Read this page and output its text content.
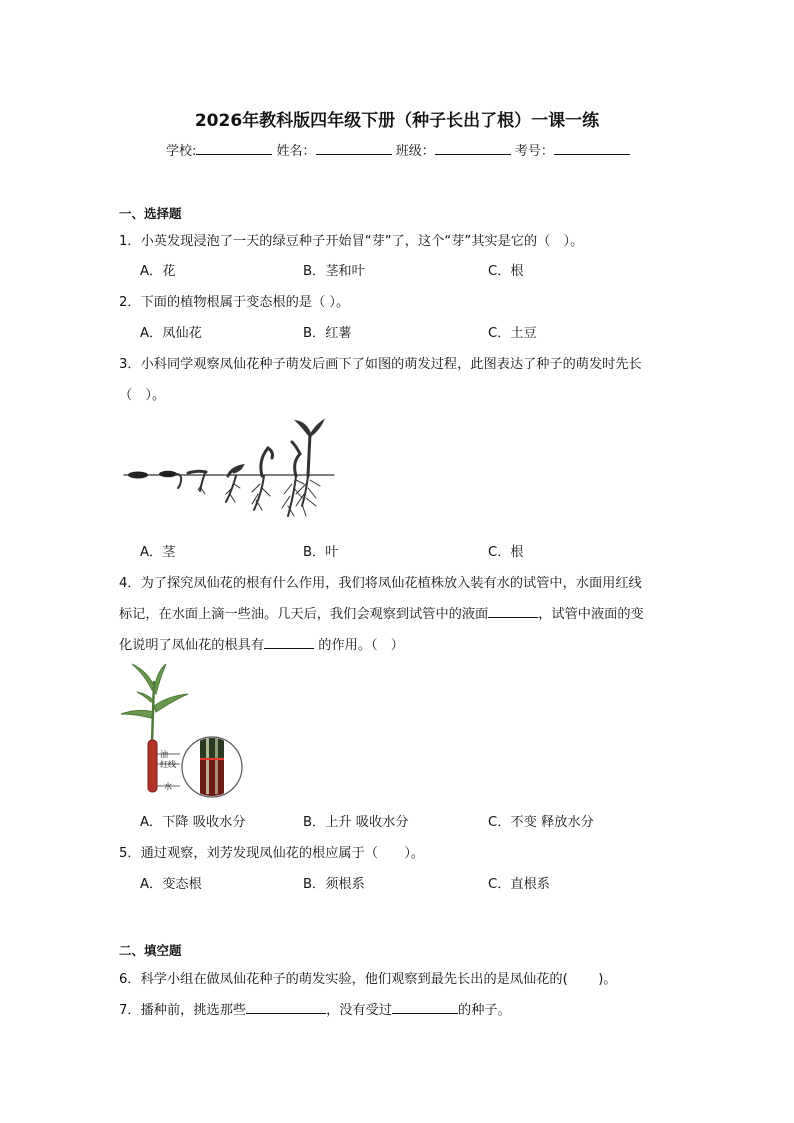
2026年教科版四年级下册（种子长出了根）一课一练
学校:	姓名：	班级：	考号：
一、选择题
1．小英发现浸泡了一天的绿豆种子开始冒“芽”了，这个“芽”其实是它的（　）。
A．花	B．茎和叶	C．根
2．下面的植物根属于变态根的是（ ）。
A．凤仙花	B．红薯	C．土豆
3．小科同学观察凤仙花种子萌发后画下了如图的萌发过程，此图表达了种子的萌发时先长
（　）。
A．茎	B．叶	C．根
4．为了探究凤仙花的根有什么作用，我们将凤仙花植株放入装有水的试管中，水面用红线
标记，在水面上滴一些油。几天后，我们会观察到试管中的液面	，试管中液面的变
化说明了凤仙花的根具有	的作用。（　）
油
红线
水
A．下降 吸收水分	B．上升 吸收水分	C．不变 释放水分
5．通过观察，刘芳发现凤仙花的根应属于（　　）。
A．变态根	B．须根系	C．直根系
二、填空题
6．科学小组在做凤仙花种子的萌发实验，他们观察到最先长出的是凤仙花的(　　 )。
7．播种前，挑选那些	，没有受过	的种子。
